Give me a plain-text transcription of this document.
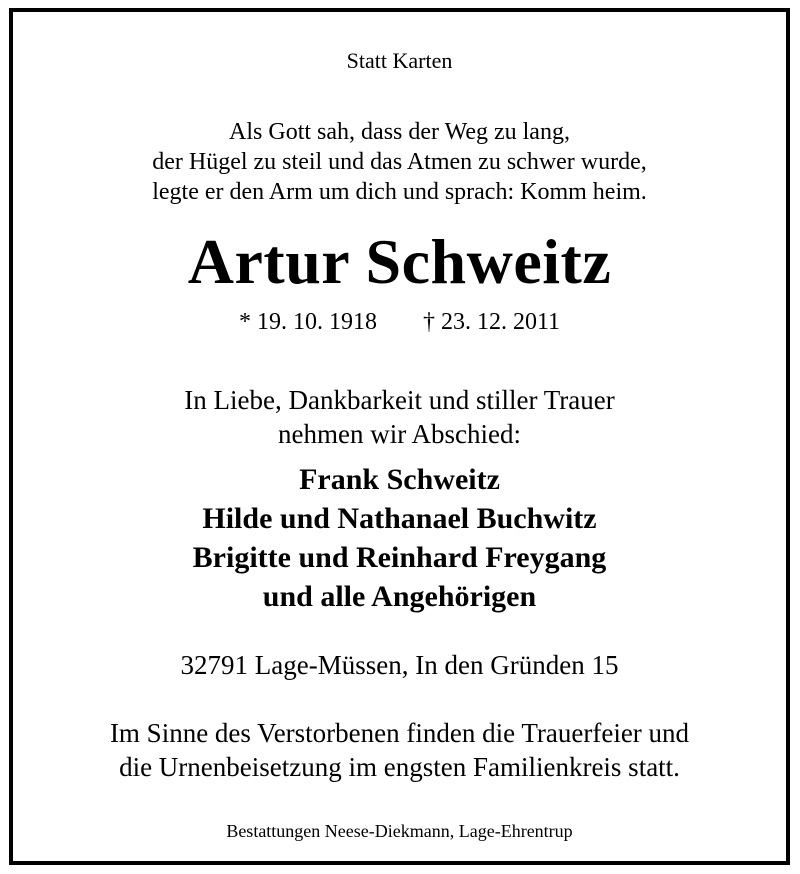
Statt Karten
Als Gott sah, dass der Weg zu lang,
der Hügel zu steil und das Atmen zu schwer wurde,
legte er den Arm um dich und sprach: Komm heim.
Artur Schweitz
* 19. 10. 1918 † 23. 12. 2011
In Liebe, Dankbarkeit und stiller Trauer
nehmen wir Abschied:
Frank Schweitz
Hilde und Nathanael Buchwitz
Brigitte und Reinhard Freygang
und alle Angehörigen
32791 Lage-Müssen, In den Gründen 15
Im Sinne des Verstorbenen finden die Trauerfeier und
die Urnenbeisetzung im engsten Familienkreis statt.
Bestattungen Neese-Diekmann, Lage-Ehrentrup
